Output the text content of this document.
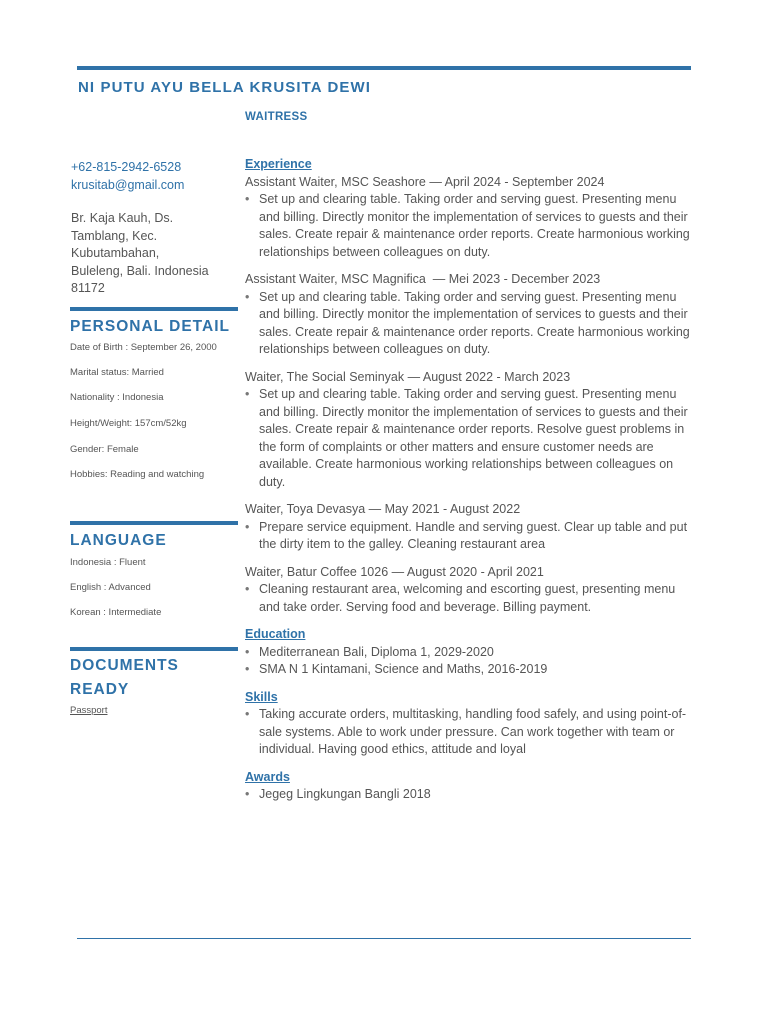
NI PUTU AYU BELLA KRUSITA DEWI
WAITRESS
+62-815-2942-6528
krusitab@gmail.com
Br. Kaja Kauh, Ds.
Tamblang, Kec.
Kubutambahan,
Buleleng, Bali. Indonesia
81172
PERSONAL DETAIL
Date of Birth : September 26, 2000
Marital status: Married
Nationality : Indonesia
Height/Weight: 157cm/52kg
Gender: Female
Hobbies: Reading and watching
LANGUAGE
Indonesia : Fluent
English : Advanced
Korean : Intermediate
DOCUMENTS
READY
Passport
Experience
Assistant Waiter, MSC Seashore — April 2024 - September 2024
• Set up and clearing table. Taking order and serving guest. Presenting menu and billing. Directly monitor the implementation of services to guests and their sales. Create repair & maintenance order reports. Create harmonious working relationships between colleagues on duty.
Assistant Waiter, MSC Magnifica  — Mei 2023 - December 2023
• Set up and clearing table. Taking order and serving guest. Presenting menu and billing. Directly monitor the implementation of services to guests and their sales. Create repair & maintenance order reports. Create harmonious working relationships between colleagues on duty.
Waiter, The Social Seminyak — August 2022 - March 2023
• Set up and clearing table. Taking order and serving guest. Presenting menu and billing. Directly monitor the implementation of services to guests and their sales. Create repair & maintenance order reports. Resolve guest problems in the form of complaints or other matters and ensure customer needs are available. Create harmonious working relationships between colleagues on duty.
Waiter, Toya Devasya — May 2021 - August 2022
• Prepare service equipment. Handle and serving guest. Clear up table and put the dirty item to the galley. Cleaning restaurant area
Waiter, Batur Coffee 1026 — August 2020 - April 2021
• Cleaning restaurant area, welcoming and escorting guest, presenting menu and take order. Serving food and beverage. Billing payment.
Education
• Mediterranean Bali, Diploma 1, 2029-2020
• SMA N 1 Kintamani, Science and Maths, 2016-2019
Skills
• Taking accurate orders, multitasking, handling food safely, and using point-of-sale systems. Able to work under pressure. Can work together with team or individual. Having good ethics, attitude and loyal
Awards
• Jegeg Lingkungan Bangli 2018
